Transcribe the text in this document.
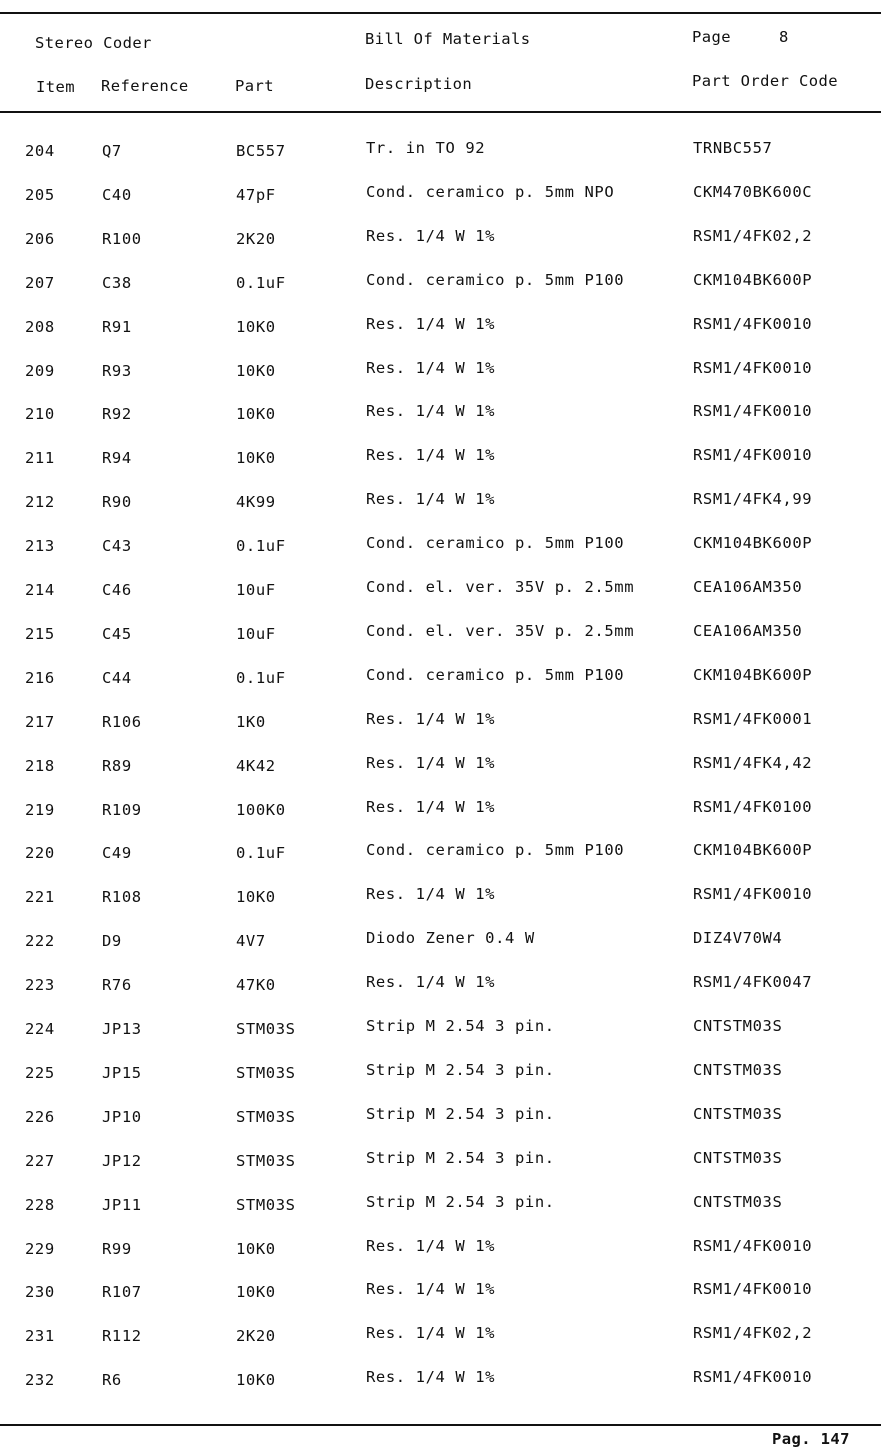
Stereo Coder	Bill Of Materials	Page	8
Item Reference	Part	Description	Part Order Code
204	Q7	BC557	Tr. in TO 92	TRNBC557
205	C40	47pF	Cond. ceramico p. 5mm NPO	CKM470BK600C
206	R100	2K20	Res. 1/4 W 1%	RSM1/4FK02,2
207	C38	0.1uF	Cond. ceramico p. 5mm P100	CKM104BK600P
208	R91	10K0	Res. 1/4 W 1%	RSM1/4FK0010
209	R93	10K0	Res. 1/4 W 1%	RSM1/4FK0010
210	R92	10K0	Res. 1/4 W 1%	RSM1/4FK0010
211	R94	10K0	Res. 1/4 W 1%	RSM1/4FK0010
212	R90	4K99	Res. 1/4 W 1%	RSM1/4FK4,99
213	C43	0.1uF	Cond. ceramico p. 5mm P100	CKM104BK600P
214	C46	10uF	Cond. el. ver. 35V p. 2.5mm	CEA106AM350
215	C45	10uF	Cond. el. ver. 35V p. 2.5mm	CEA106AM350
216	C44	0.1uF	Cond. ceramico p. 5mm P100	CKM104BK600P
217	R106	1K0	Res. 1/4 W 1%	RSM1/4FK0001
218	R89	4K42	Res. 1/4 W 1%	RSM1/4FK4,42
219	R109	100K0	Res. 1/4 W 1%	RSM1/4FK0100
220	C49	0.1uF	Cond. ceramico p. 5mm P100	CKM104BK600P
221	R108	10K0	Res. 1/4 W 1%	RSM1/4FK0010
222	D9	4V7	Diodo Zener 0.4 W	DIZ4V70W4
223	R76	47K0	Res. 1/4 W 1%	RSM1/4FK0047
224	JP13	STM03S	Strip M 2.54 3 pin.	CNTSTM03S
225	JP15	STM03S	Strip M 2.54 3 pin.	CNTSTM03S
226	JP10	STM03S	Strip M 2.54 3 pin.	CNTSTM03S
227	JP12	STM03S	Strip M 2.54 3 pin.	CNTSTM03S
228	JP11	STM03S	Strip M 2.54 3 pin.	CNTSTM03S
229	R99	10K0	Res. 1/4 W 1%	RSM1/4FK0010
230	R107	10K0	Res. 1/4 W 1%	RSM1/4FK0010
231	R112	2K20	Res. 1/4 W 1%	RSM1/4FK02,2
232	R6	10K0	Res. 1/4 W 1%	RSM1/4FK0010
Pag. 147
